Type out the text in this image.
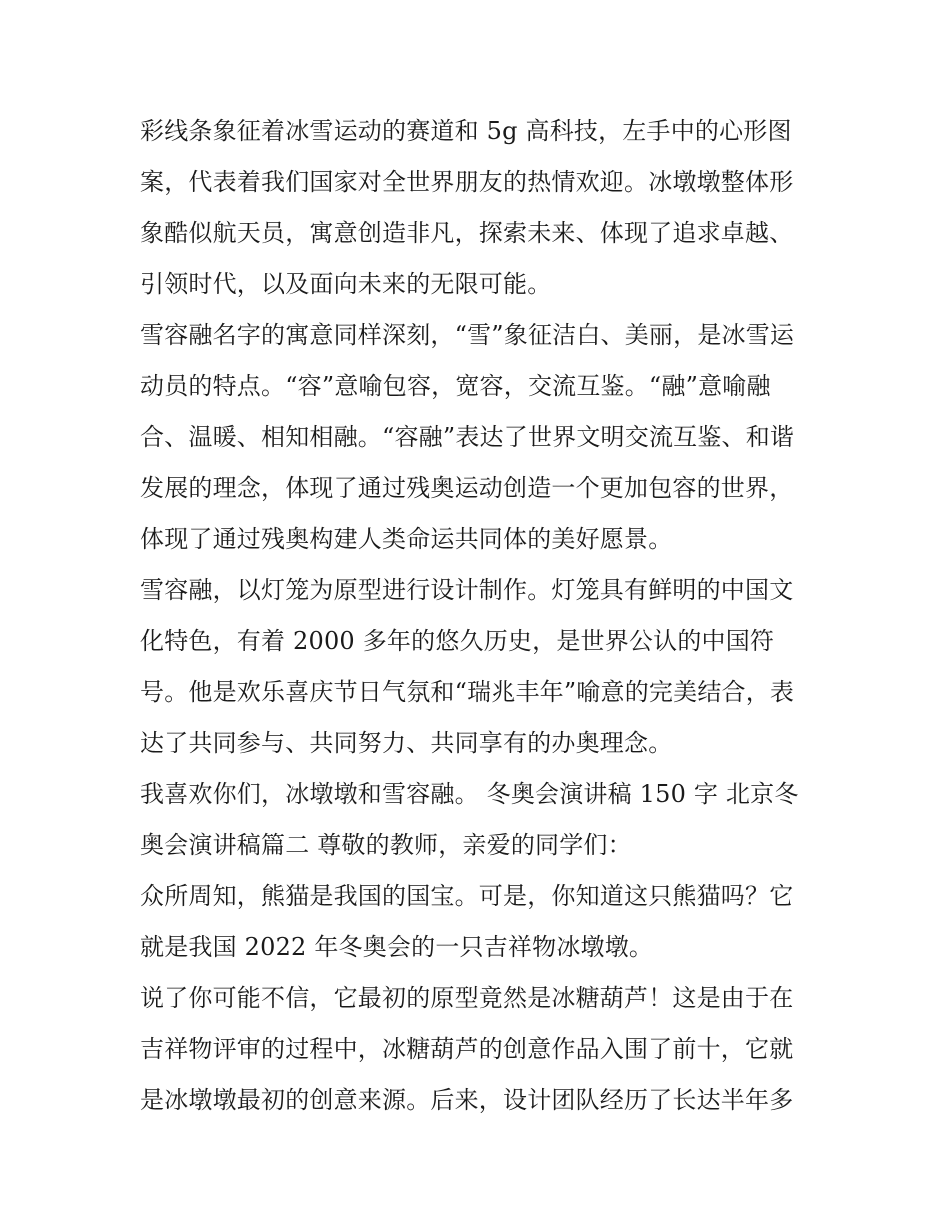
彩线条象征着冰雪运动的赛道和 5g 高科技，左手中的心形图
案，代表着我们国家对全世界朋友的热情欢迎。冰墩墩整体形
象酷似航天员，寓意创造非凡，探索未来、体现了追求卓越、
引领时代，以及面向未来的无限可能。
雪容融名字的寓意同样深刻，“雪”象征洁白、美丽，是冰雪运
动员的特点。“容”意喻包容，宽容，交流互鉴。“融”意喻融
合、温暖、相知相融。“容融”表达了世界文明交流互鉴、和谐
发展的理念，体现了通过残奥运动创造一个更加包容的世界，
体现了通过残奥构建人类命运共同体的美好愿景。
雪容融，以灯笼为原型进行设计制作。灯笼具有鲜明的中国文
化特色，有着 2000 多年的悠久历史，是世界公认的中国符
号。他是欢乐喜庆节日气氛和“瑞兆丰年”喻意的完美结合，表
达了共同参与、共同努力、共同享有的办奥理念。
我喜欢你们，冰墩墩和雪容融。 冬奥会演讲稿 150 字 北京冬
奥会演讲稿篇二 尊敬的教师，亲爱的同学们：
众所周知，熊猫是我国的国宝。可是，你知道这只熊猫吗？它
就是我国 2022 年冬奥会的一只吉祥物冰墩墩。
说了你可能不信，它最初的原型竟然是冰糖葫芦！这是由于在
吉祥物评审的过程中，冰糖葫芦的创意作品入围了前十，它就
是冰墩墩最初的创意来源。后来，设计团队经历了长达半年多
